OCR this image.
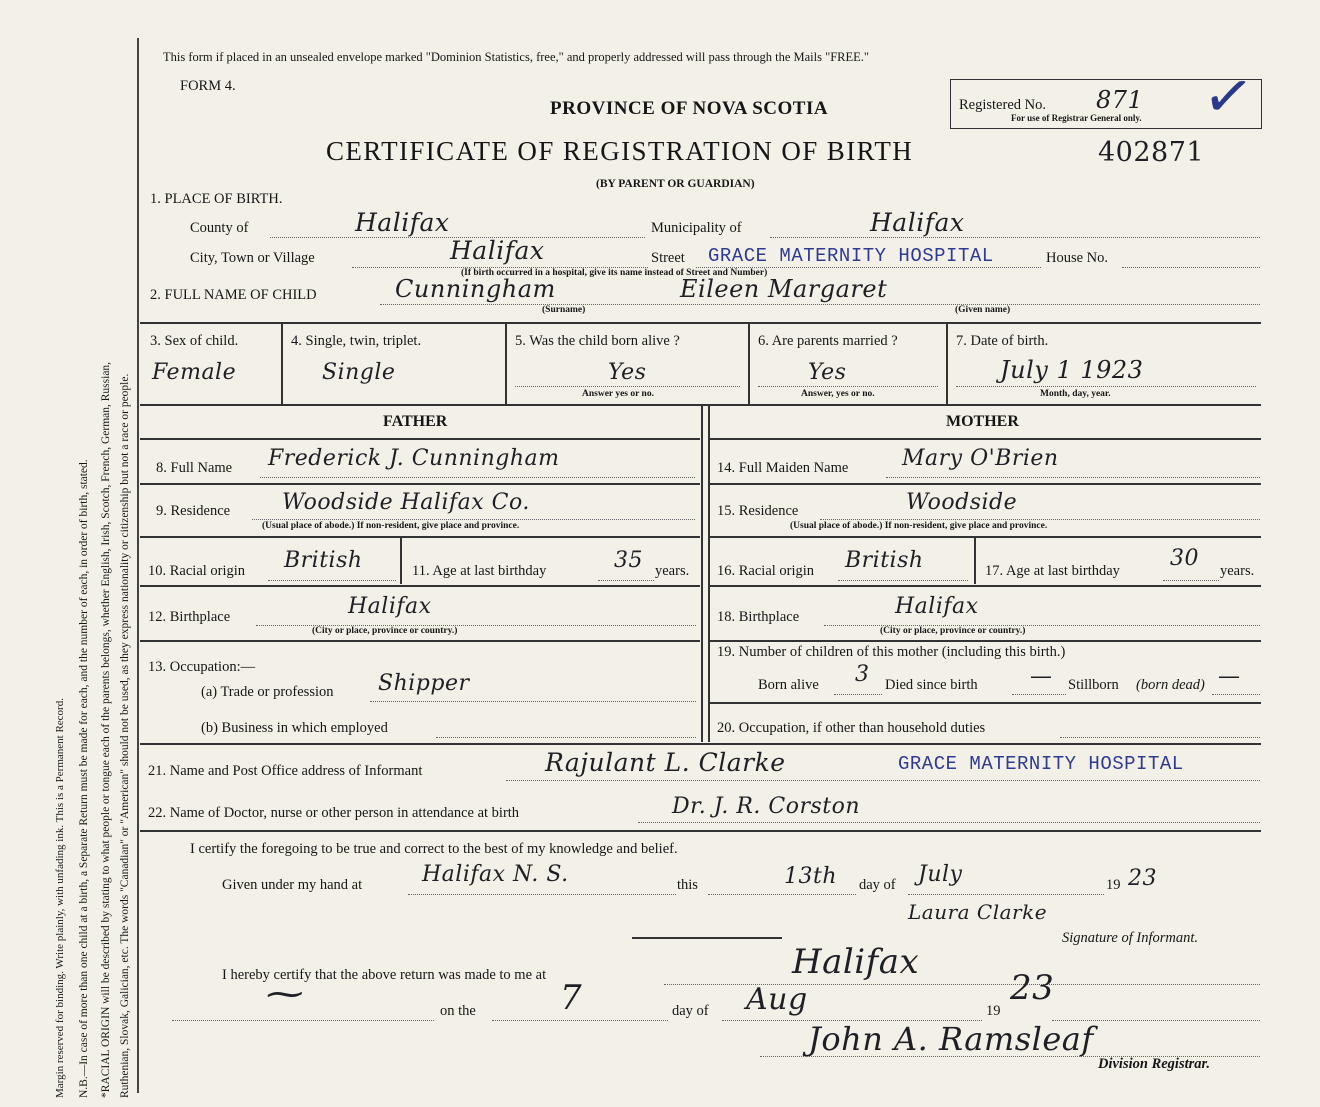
Margin reserved for binding. Write plainly, with unfading ink. This is a Permanent Record. N.B.—In case of more than one child at a birth, a Separate Return must be made for each, and the number of each, in order of birth, stated. *RACIAL ORIGIN will be described by stating to what people or tongue each of the parents belongs, whether English, Irish, Scotch, French, German, Russian, Ruthenian, Slovak, Galician, etc. The words "Canadian" or "American" should not be used, as they express nationality or citizenship but not a race or people.
This form if placed in an unsealed envelope marked "Dominion Statistics, free," and properly addressed will pass through the Mails "FREE."
FORM 4.
PROVINCE OF NOVA SCOTIA	Registered No. 871
For use of Registrar General only. ✓
CERTIFICATE OF REGISTRATION OF BIRTH	402871
(BY PARENT OR GUARDIAN)
1. PLACE OF BIRTH.
County of	Halifax	Municipality of	Halifax
City, Town or Village	Halifax	Street GRACE MATERNITY HOSPITAL	House No.
(If birth occurred in a hospital, give its name instead of Street and Number)
2. FULL NAME OF CHILD	Cunningham	Eileen Margaret
(Surname)	(Given name)
3. Sex of child.
Female
4. Single, twin, triplet.
Single
5. Was the child born alive ?
Yes
Answer yes or no.
6. Are parents married ?
Yes
Answer, yes or no.
7. Date of birth.
July 1 1923
Month, day, year.
FATHER	MOTHER
8. Full Name Frederick J. Cunningham
9. Residence Woodside Halifax Co.
(Usual place of abode.) If non-resident, give place and province.
10. Racial origin British	11. Age at last birthday	35 years.
12. Birthplace	Halifax
(City or place, province or country.)
13. Occupation:—
(a) Trade or profession Shipper
(b) Business in which employed
14. Full Maiden Name Mary O'Brien
15. Residence	Woodside
(Usual place of abode.) If non-resident, give place and province.
16. Racial origin British	17. Age at last birthday 30 years.
18. Birthplace	Halifax
(City or place, province or country.)
19. Number of children of this mother (including this birth.)
Born alive 3 Died since birth — Stillborn (born dead) —
20. Occupation, if other than household duties
21. Name and Post Office address of Informant	Rajulant L. Clarke	GRACE MATERNITY HOSPITAL
22. Name of Doctor, nurse or other person in attendance at birth	Dr. J. R. Corston
I certify the foregoing to be true and correct to the best of my knowledge and belief.
Given under my hand at	Halifax N. S.	this	13th day of July	19 23
Laura Clarke
Signature of Informant.
I hereby certify that the above return was made to me at	Halifax
~	on the 7	day of Aug	19
23
John A. Ramsleaf
Division Registrar.
